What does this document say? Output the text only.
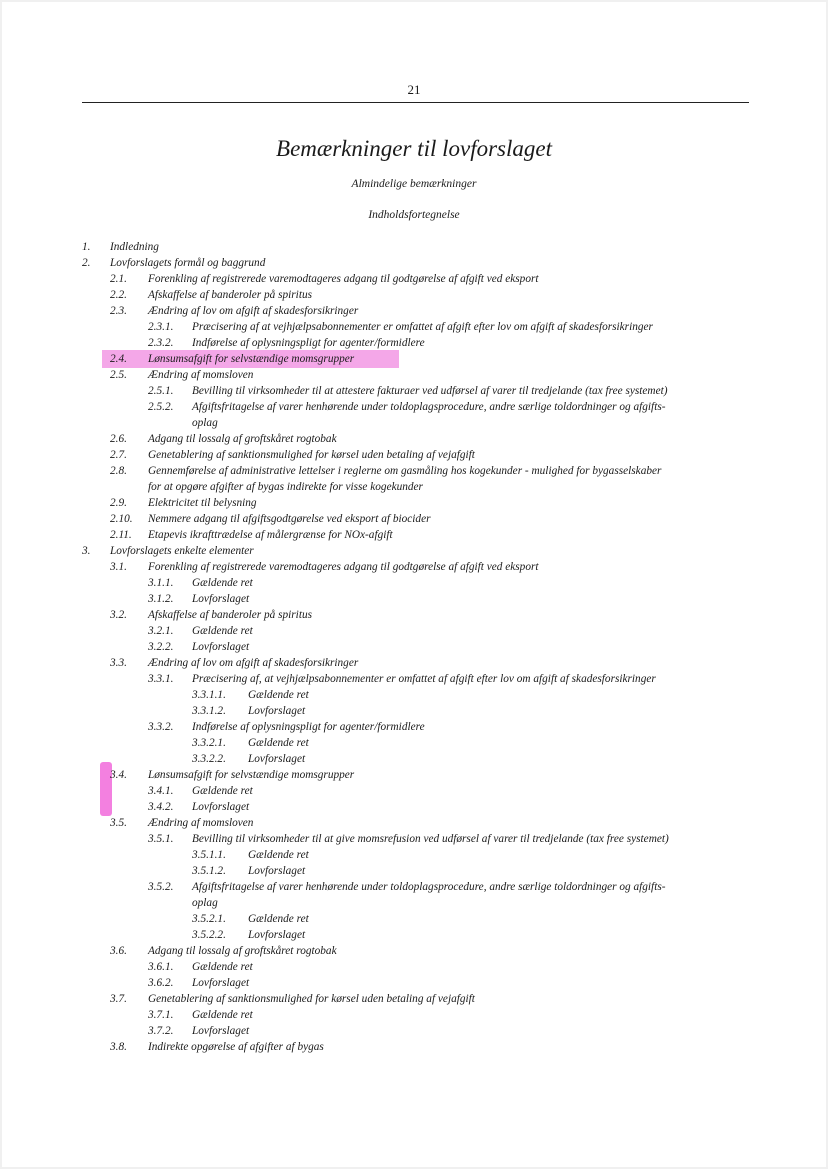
21
Bemærkninger til lovforslaget
Almindelige bemærkninger
Indholdsfortegnelse
1. Indledning
2. Lovforslagets formål og baggrund
2.1. Forenkling af registrerede varemodtageres adgang til godtgørelse af afgift ved eksport
2.2. Afskaffelse af banderoler på spiritus
2.3. Ændring af lov om afgift af skadesforsikringer
2.3.1. Præcisering af at vejhjælpsabonnementer er omfattet af afgift efter lov om afgift af skadesforsikringer
2.3.2. Indførelse af oplysningspligt for agenter/formidlere
2.4. Lønsumsafgift for selvstændige momsgrupper
2.5. Ændring af momsloven
2.5.1. Bevilling til virksomheder til at attestere fakturaer ved udførsel af varer til tredjelande (tax free systemet)
2.5.2. Afgiftsfritagelse af varer henhørende under toldoplagsprocedure, andre særlige toldordninger og afgifts-
oplag
2.6. Adgang til lossalg af groftskåret rogtobak
2.7. Genetablering af sanktionsmulighed for kørsel uden betaling af vejafgift
2.8. Gennemførelse af administrative lettelser i reglerne om gasmåling hos kogekunder - mulighed for bygasselskaber
for at opgøre afgifter af bygas indirekte for visse kogekunder
2.9. Elektricitet til belysning
2.10. Nemmere adgang til afgiftsgodtgørelse ved eksport af biocider
2.11. Etapevis ikrafttrædelse af målergrænse for NOx-afgift
3. Lovforslagets enkelte elementer
3.1. Forenkling af registrerede varemodtageres adgang til godtgørelse af afgift ved eksport
3.1.1. Gældende ret
3.1.2. Lovforslaget
3.2. Afskaffelse af banderoler på spiritus
3.2.1. Gældende ret
3.2.2. Lovforslaget
3.3. Ændring af lov om afgift af skadesforsikringer
3.3.1. Præcisering af, at vejhjælpsabonnementer er omfattet af afgift efter lov om afgift af skadesforsikringer
3.3.1.1. Gældende ret
3.3.1.2. Lovforslaget
3.3.2. Indførelse af oplysningspligt for agenter/formidlere
3.3.2.1. Gældende ret
3.3.2.2. Lovforslaget
3.4. Lønsumsafgift for selvstændige momsgrupper
3.4.1. Gældende ret
3.4.2. Lovforslaget
3.5. Ændring af momsloven
3.5.1. Bevilling til virksomheder til at give momsrefusion ved udførsel af varer til tredjelande (tax free systemet)
3.5.1.1. Gældende ret
3.5.1.2. Lovforslaget
3.5.2. Afgiftsfritagelse af varer henhørende under toldoplagsprocedure, andre særlige toldordninger og afgifts-
oplag
3.5.2.1. Gældende ret
3.5.2.2. Lovforslaget
3.6. Adgang til lossalg af groftskåret rogtobak
3.6.1. Gældende ret
3.6.2. Lovforslaget
3.7. Genetablering af sanktionsmulighed for kørsel uden betaling af vejafgift
3.7.1. Gældende ret
3.7.2. Lovforslaget
3.8. Indirekte opgørelse af afgifter af bygas
